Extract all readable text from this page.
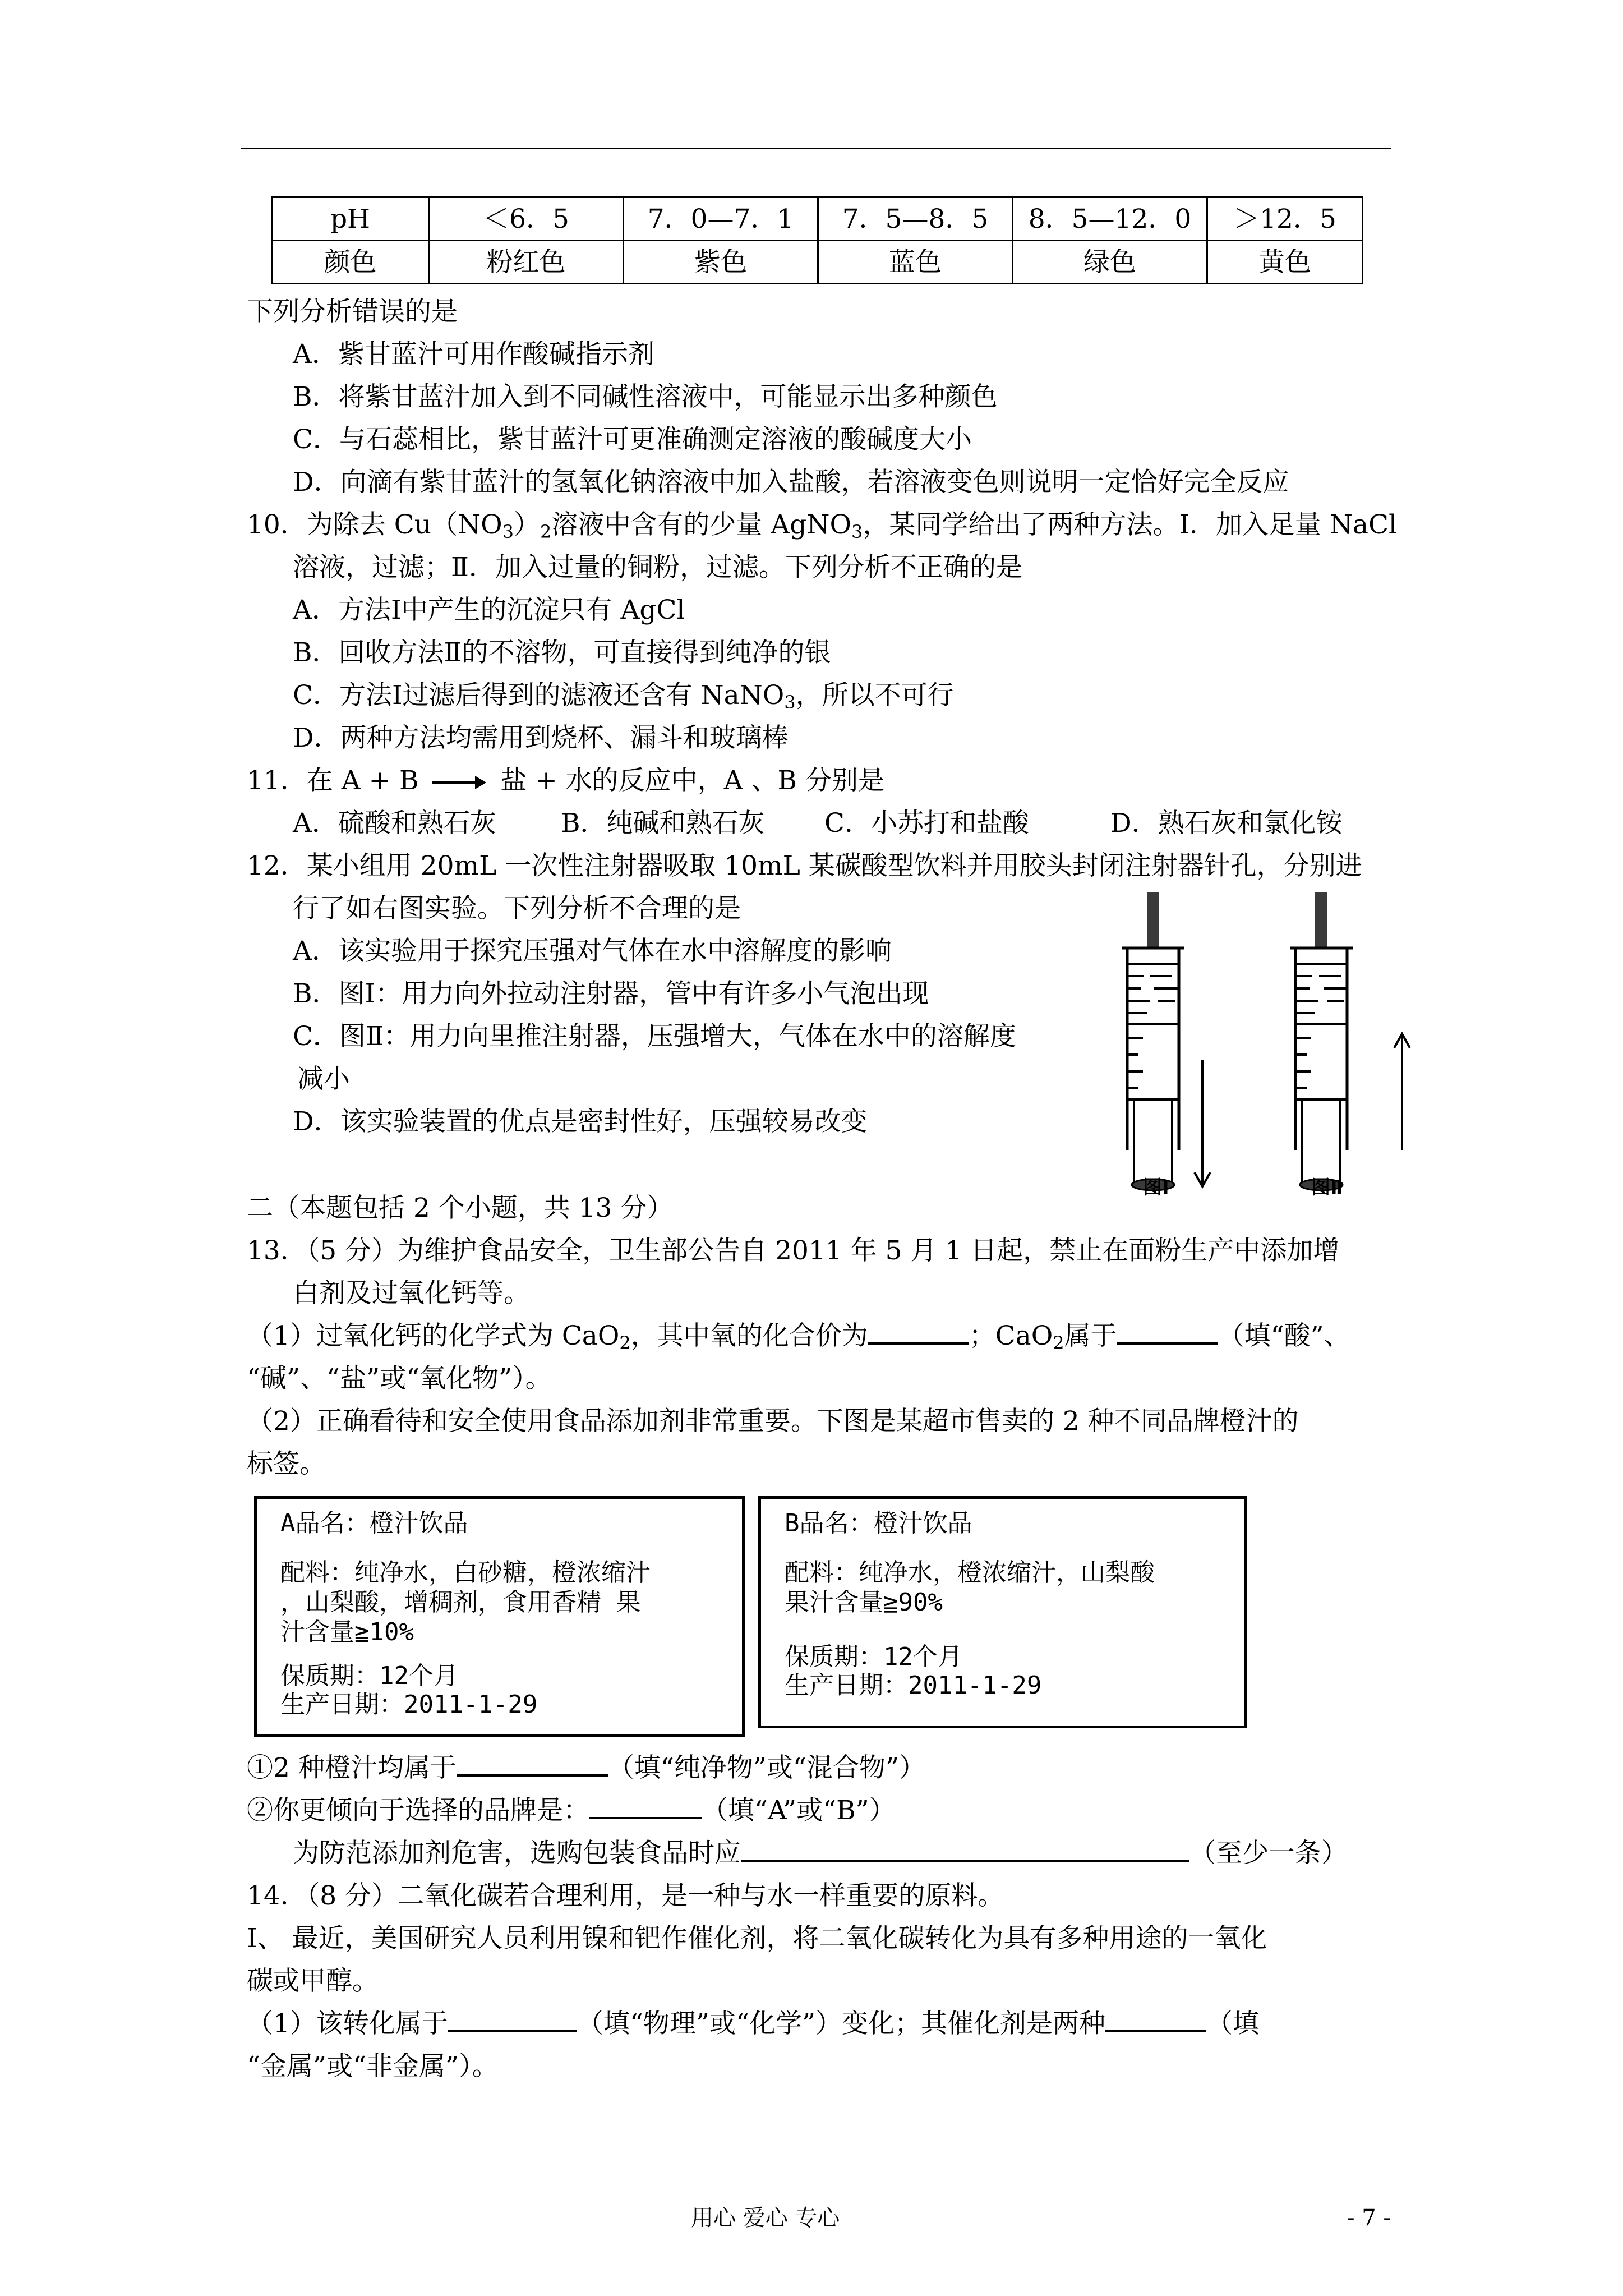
pH	＜6．5	7．0—7．1	7．5—8．5	8．5—12．0	＞12．5
颜色	粉红色	紫色	蓝色	绿色	黄色
下列分析错误的是
A．紫甘蓝汁可用作酸碱指示剂
B．将紫甘蓝汁加入到不同碱性溶液中，可能显示出多种颜色
C．与石蕊相比，紫甘蓝汁可更准确测定溶液的酸碱度大小
D．向滴有紫甘蓝汁的氢氧化钠溶液中加入盐酸，若溶液变色则说明一定恰好完全反应
10．为除去 $Cu(NO_3)_2$溶液中含有的少量 AgNO$_3$，某同学给出了两种方法。Ⅰ．加入足量 NaCl
溶液，过滤；Ⅱ．加入过量的铜粉，过滤。下列分析不正确的是
A．方法Ⅰ中产生的沉淀只有 AgCl
B．回收方法Ⅱ的不溶物，可直接得到纯净的银
C．方法Ⅰ过滤后得到的滤液还含有 NaNO$_3$，所以不可行
D．两种方法均需用到烧杯、漏斗和玻璃棒
11．在 A + B → 盐 + 水的反应中，A 、B 分别是
A．硫酸和熟石灰 B．纯碱和熟石灰 C．小苏打和盐酸	D．熟石灰和氯化铵
12．某小组用 20mL 一次性注射器吸取 10mL 某碳酸型饮料并用胶头封闭注射器针孔，分别进
行了如右图实验。下列分析不合理的是
A．该实验用于探究压强对气体在水中溶解度的影响
B．图Ⅰ：用力向外拉动注射器，管中有许多小气泡出现
C．图Ⅱ：用力向里推注射器，压强增大，气体在水中的溶解度
减小
D．该实验装置的优点是密封性好，压强较易改变
图Ⅰ	图Ⅱ
二（本题包括 2 个小题，共 13 分）
13．（5 分）为维护食品安全，卫生部公告自 2011 年 5 月 1 日起，禁止在面粉生产中添加增
白剂及过氧化钙等。
（1）过氧化钙的化学式为 CaO$_2$，其中氧的化合价为	；CaO$_2$属于	（填“酸”、
“碱”、“盐”或“氧化物”）。
（2）正确看待和安全使用食品添加剂非常重要。下图是某超市售卖的 2 种不同品牌橙汁的
标签。
A品名：橙汁饮品
配料：纯净水，白砂糖，橙浓缩汁
，山梨酸，增稠剂，食用香精 果
汁含量≧10%
保质期：12个月
生产日期：2011-1-29
B品名：橙汁饮品
配料：纯净水，橙浓缩汁，山梨酸
果汁含量≧90%
保质期：12个月
生产日期：2011-1-29
①2 种橙汁均属于	（填“纯净物”或“混合物”）
②你更倾向于选择的品牌是：	（填“A”或“B”）
为防范添加剂危害，选购包装食品时应	（至少一条）
14．（8 分）二氧化碳若合理利用，是一种与水一样重要的原料。
Ⅰ、 最近，美国研究人员利用镍和钯作催化剂，将二氧化碳转化为具有多种用途的一氧化
碳或甲醇。
（1）该转化属于	（填“物理”或“化学”）变化；其催化剂是两种	（填
“金属”或“非金属”）。
用心 爱心 专心	- 7 -
